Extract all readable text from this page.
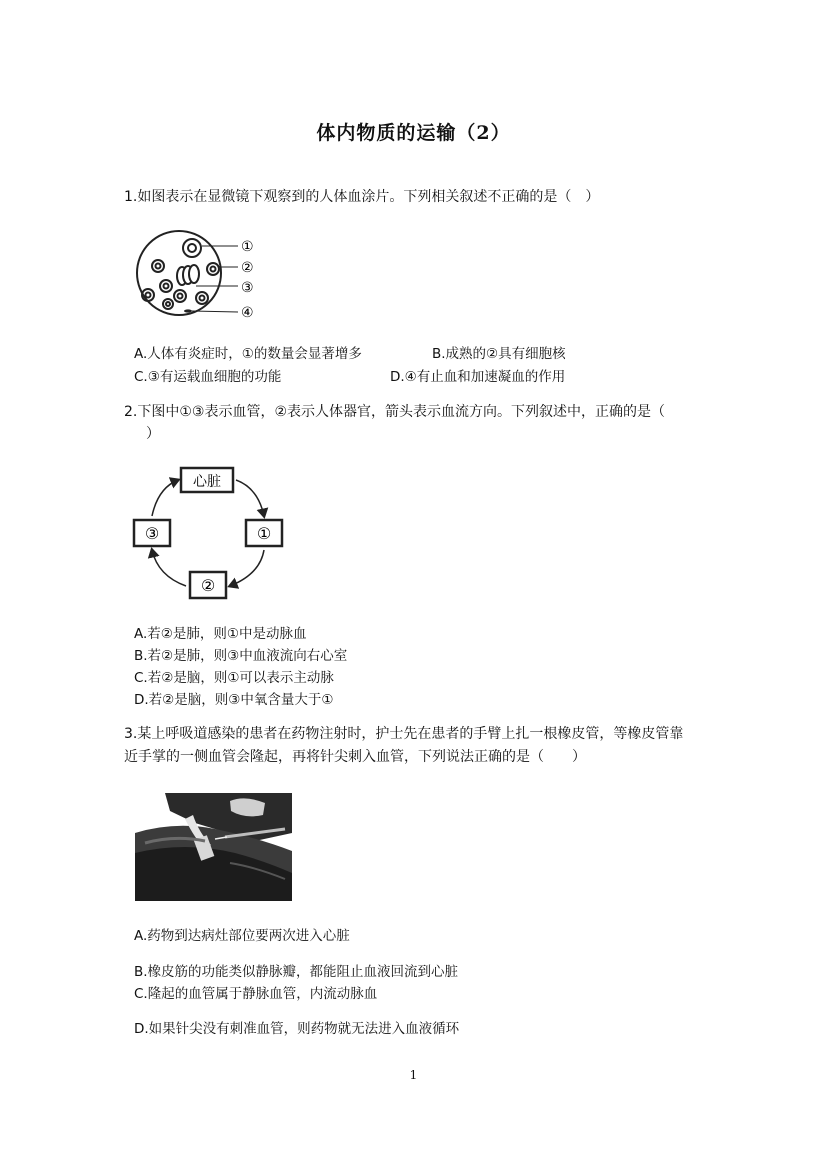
体内物质的运输（2）
1.如图表示在显微镜下观察到的人体血涂片。下列相关叙述不正确的是（　）
①
②
③
④
A.人体有炎症时，①的数量会显著增多	B.成熟的②具有细胞核
C.③有运载血细胞的功能	D.④有止血和加速凝血的作用
2.下图中①③表示血管，②表示人体器官，箭头表示血流方向。下列叙述中，正确的是（
）
心脏
①
③
②
A.若②是肺，则①中是动脉血
B.若②是肺，则③中血液流向右心室
C.若②是脑，则①可以表示主动脉
D.若②是脑，则③中氧含量大于①
3.某上呼吸道感染的患者在药物注射时，护士先在患者的手臂上扎一根橡皮管，等橡皮管靠
近手掌的一侧血管会隆起，再将针尖刺入血管，下列说法正确的是（　　）
A.药物到达病灶部位要两次进入心脏
B.橡皮筋的功能类似静脉瓣，都能阻止血液回流到心脏
C.隆起的血管属于静脉血管，内流动脉血
D.如果针尖没有刺准血管，则药物就无法进入血液循环
1
